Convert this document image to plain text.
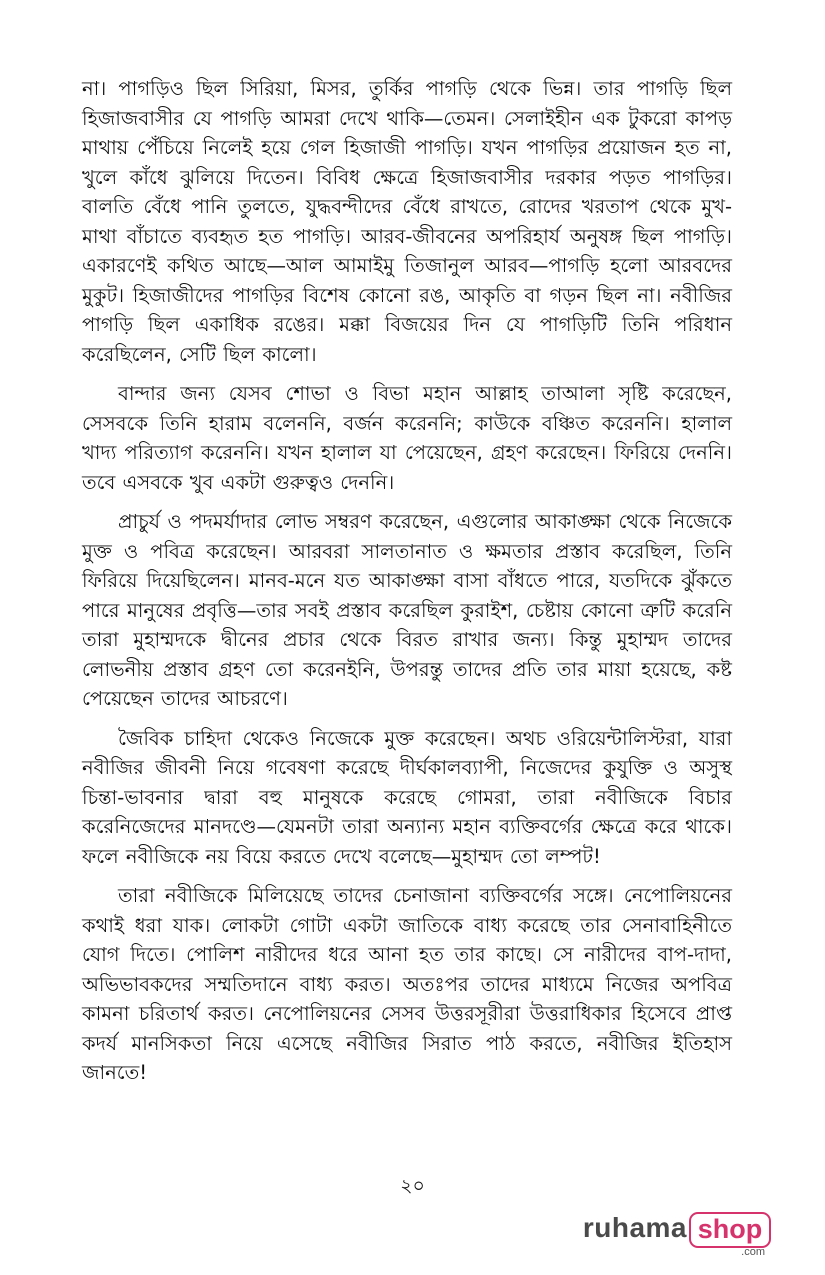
না। পাগড়িও ছিল সিরিয়া, মিসর, তুর্কির পাগড়ি থেকে ভিন্ন। তার পাগড়ি ছিল হিজাজবাসীর যে পাগড়ি আমরা দেখে থাকি—তেমন। সেলাইহীন এক টুকরো কাপড় মাথায় পেঁচিয়ে নিলেই হয়ে গেল হিজাজী পাগড়ি। যখন পাগড়ির প্রয়োজন হত না, খুলে কাঁধে ঝুলিয়ে দিতেন। বিবিধ ক্ষেত্রে হিজাজবাসীর দরকার পড়ত পাগড়ির। বালতি বেঁধে পানি তুলতে, যুদ্ধবন্দীদের বেঁধে রাখতে, রোদের খরতাপ থেকে মুখ-মাথা বাঁচাতে ব্যবহৃত হত পাগড়ি। আরব-জীবনের অপরিহার্য অনুষঙ্গ ছিল পাগড়ি। একারণেই কথিত আছে—আল আমাইমু তিজানুল আরব—পাগড়ি হলো আরবদের মুকুট। হিজাজীদের পাগড়ির বিশেষ কোনো রঙ, আকৃতি বা গড়ন ছিল না। নবীজির পাগড়ি ছিল একাধিক রঙের। মক্কা বিজয়ের দিন যে পাগড়িটি তিনি পরিধান করেছিলেন, সেটি ছিল কালো।

বান্দার জন্য যেসব শোভা ও বিভা মহান আল্লাহ তাআলা সৃষ্টি করেছেন, সেসবকে তিনি হারাম বলেননি, বর্জন করেননি; কাউকে বঞ্চিত করেননি। হালাল খাদ্য পরিত্যাগ করেননি। যখন হালাল যা পেয়েছেন, গ্রহণ করেছেন। ফিরিয়ে দেননি। তবে এসবকে খুব একটা গুরুত্বও দেননি।

প্রাচুর্য ও পদমর্যাদার লোভ সম্বরণ করেছেন, এগুলোর আকাঙ্ক্ষা থেকে নিজেকে মুক্ত ও পবিত্র করেছেন। আরবরা সালতানাত ও ক্ষমতার প্রস্তাব করেছিল, তিনি ফিরিয়ে দিয়েছিলেন। মানব-মনে যত আকাঙ্ক্ষা বাসা বাঁধতে পারে, যতদিকে ঝুঁকতে পারে মানুষের প্রবৃত্তি—তার সবই প্রস্তাব করেছিল কুরাইশ, চেষ্টায় কোনো ত্রুটি করেনি তারা মুহাম্মদকে দ্বীনের প্রচার থেকে বিরত রাখার জন্য। কিন্তু মুহাম্মদ তাদের লোভনীয় প্রস্তাব গ্রহণ তো করেনইনি, উপরন্তু তাদের প্রতি তার মায়া হয়েছে, কষ্ট পেয়েছেন তাদের আচরণে।

জৈবিক চাহিদা থেকেও নিজেকে মুক্ত করেছেন। অথচ ওরিয়েন্টালিস্টরা, যারা নবীজির জীবনী নিয়ে গবেষণা করেছে দীর্ঘকালব্যাপী, নিজেদের কুযুক্তি ও অসুস্থ চিন্তা-ভাবনার দ্বারা বহু মানুষকে করেছে গোমরা, তারা নবীজিকে বিচার করেনিজেদের মানদণ্ডে—যেমনটা তারা অন্যান্য মহান ব্যক্তিবর্গের ক্ষেত্রে করে থাকে। ফলে নবীজিকে নয় বিয়ে করতে দেখে বলেছে—মুহাম্মদ তো লম্পট!

তারা নবীজিকে মিলিয়েছে তাদের চেনাজানা ব্যক্তিবর্গের সঙ্গে। নেপোলিয়নের কথাই ধরা যাক। লোকটা গোটা একটা জাতিকে বাধ্য করেছে তার সেনাবাহিনীতে যোগ দিতে। পোলিশ নারীদের ধরে আনা হত তার কাছে। সে নারীদের বাপ-দাদা, অভিভাবকদের সম্মতিদানে বাধ্য করত। অতঃপর তাদের মাধ্যমে নিজের অপবিত্র কামনা চরিতার্থ করত। নেপোলিয়নের সেসব উত্তরসূরীরা উত্তরাধিকার হিসেবে প্রাপ্ত কদর্য মানসিকতা নিয়ে এসেছে নবীজির সিরাত পাঠ করতে, নবীজির ইতিহাস জানতে!

২০
ruhama shop
.com
